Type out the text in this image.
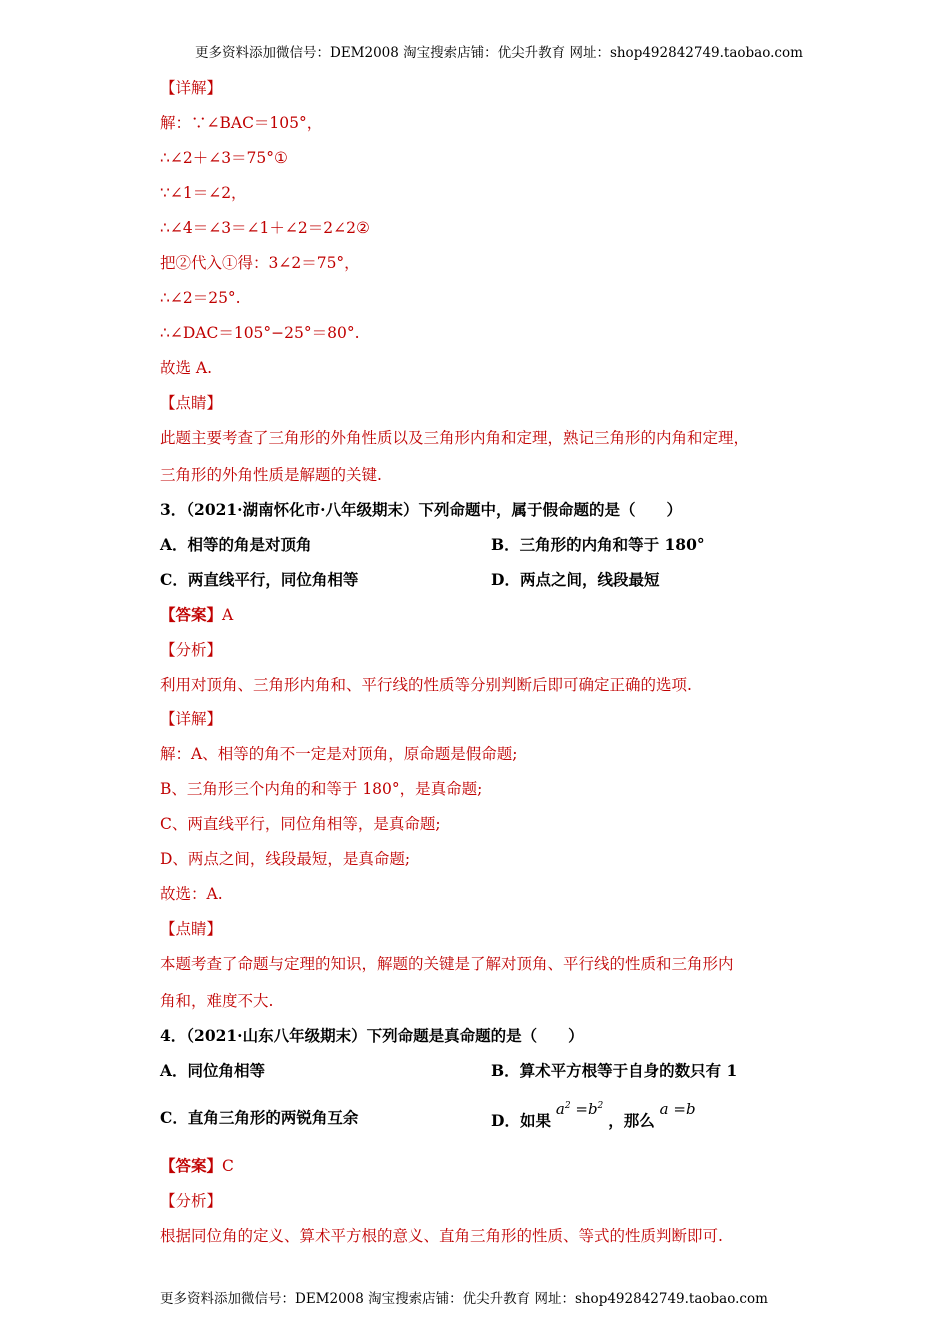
更多资料添加微信号：DEM2008 淘宝搜索店铺：优尖升教育 网址：shop492842749.taobao.com
【详解】
解：∵∠BAC＝105°，
∴∠2＋∠3＝75°①
∵∠1＝∠2，
∴∠4＝∠3＝∠1＋∠2＝2∠2②
把②代入①得：3∠2＝75°，
∴∠2＝25°.
∴∠DAC＝105°−25°＝80°.
故选 A.
【点睛】
此题主要考查了三角形的外角性质以及三角形内角和定理，熟记三角形的内角和定理，
三角形的外角性质是解题的关键.
3．（2021·湖南怀化市·八年级期末）下列命题中，属于假命题的是（　　）
A．相等的角是对顶角	B．三角形的内角和等于 180°
C．两直线平行，同位角相等	D．两点之间，线段最短
【答案】A
【分析】
利用对顶角、三角形内角和、平行线的性质等分别判断后即可确定正确的选项.
【详解】
解：A、相等的角不一定是对顶角，原命题是假命题;
B、三角形三个内角的和等于 180°，是真命题;
C、两直线平行，同位角相等，是真命题;
D、两点之间，线段最短，是真命题;
故选：A.
【点睛】
本题考查了命题与定理的知识，解题的关键是了解对顶角、平行线的性质和三角形内
角和，难度不大.
4．（2021·山东八年级期末）下列命题是真命题的是（　　）
A．同位角相等	B．算术平方根等于自身的数只有 1
C．直角三角形的两锐角互余	D．如果 $a^2 =b^2$ ，那么 a =b
【答案】C
【分析】
根据同位角的定义、算术平方根的意义、直角三角形的性质、等式的性质判断即可.
更多资料添加微信号：DEM2008 淘宝搜索店铺：优尖升教育 网址：shop492842749.taobao.com
